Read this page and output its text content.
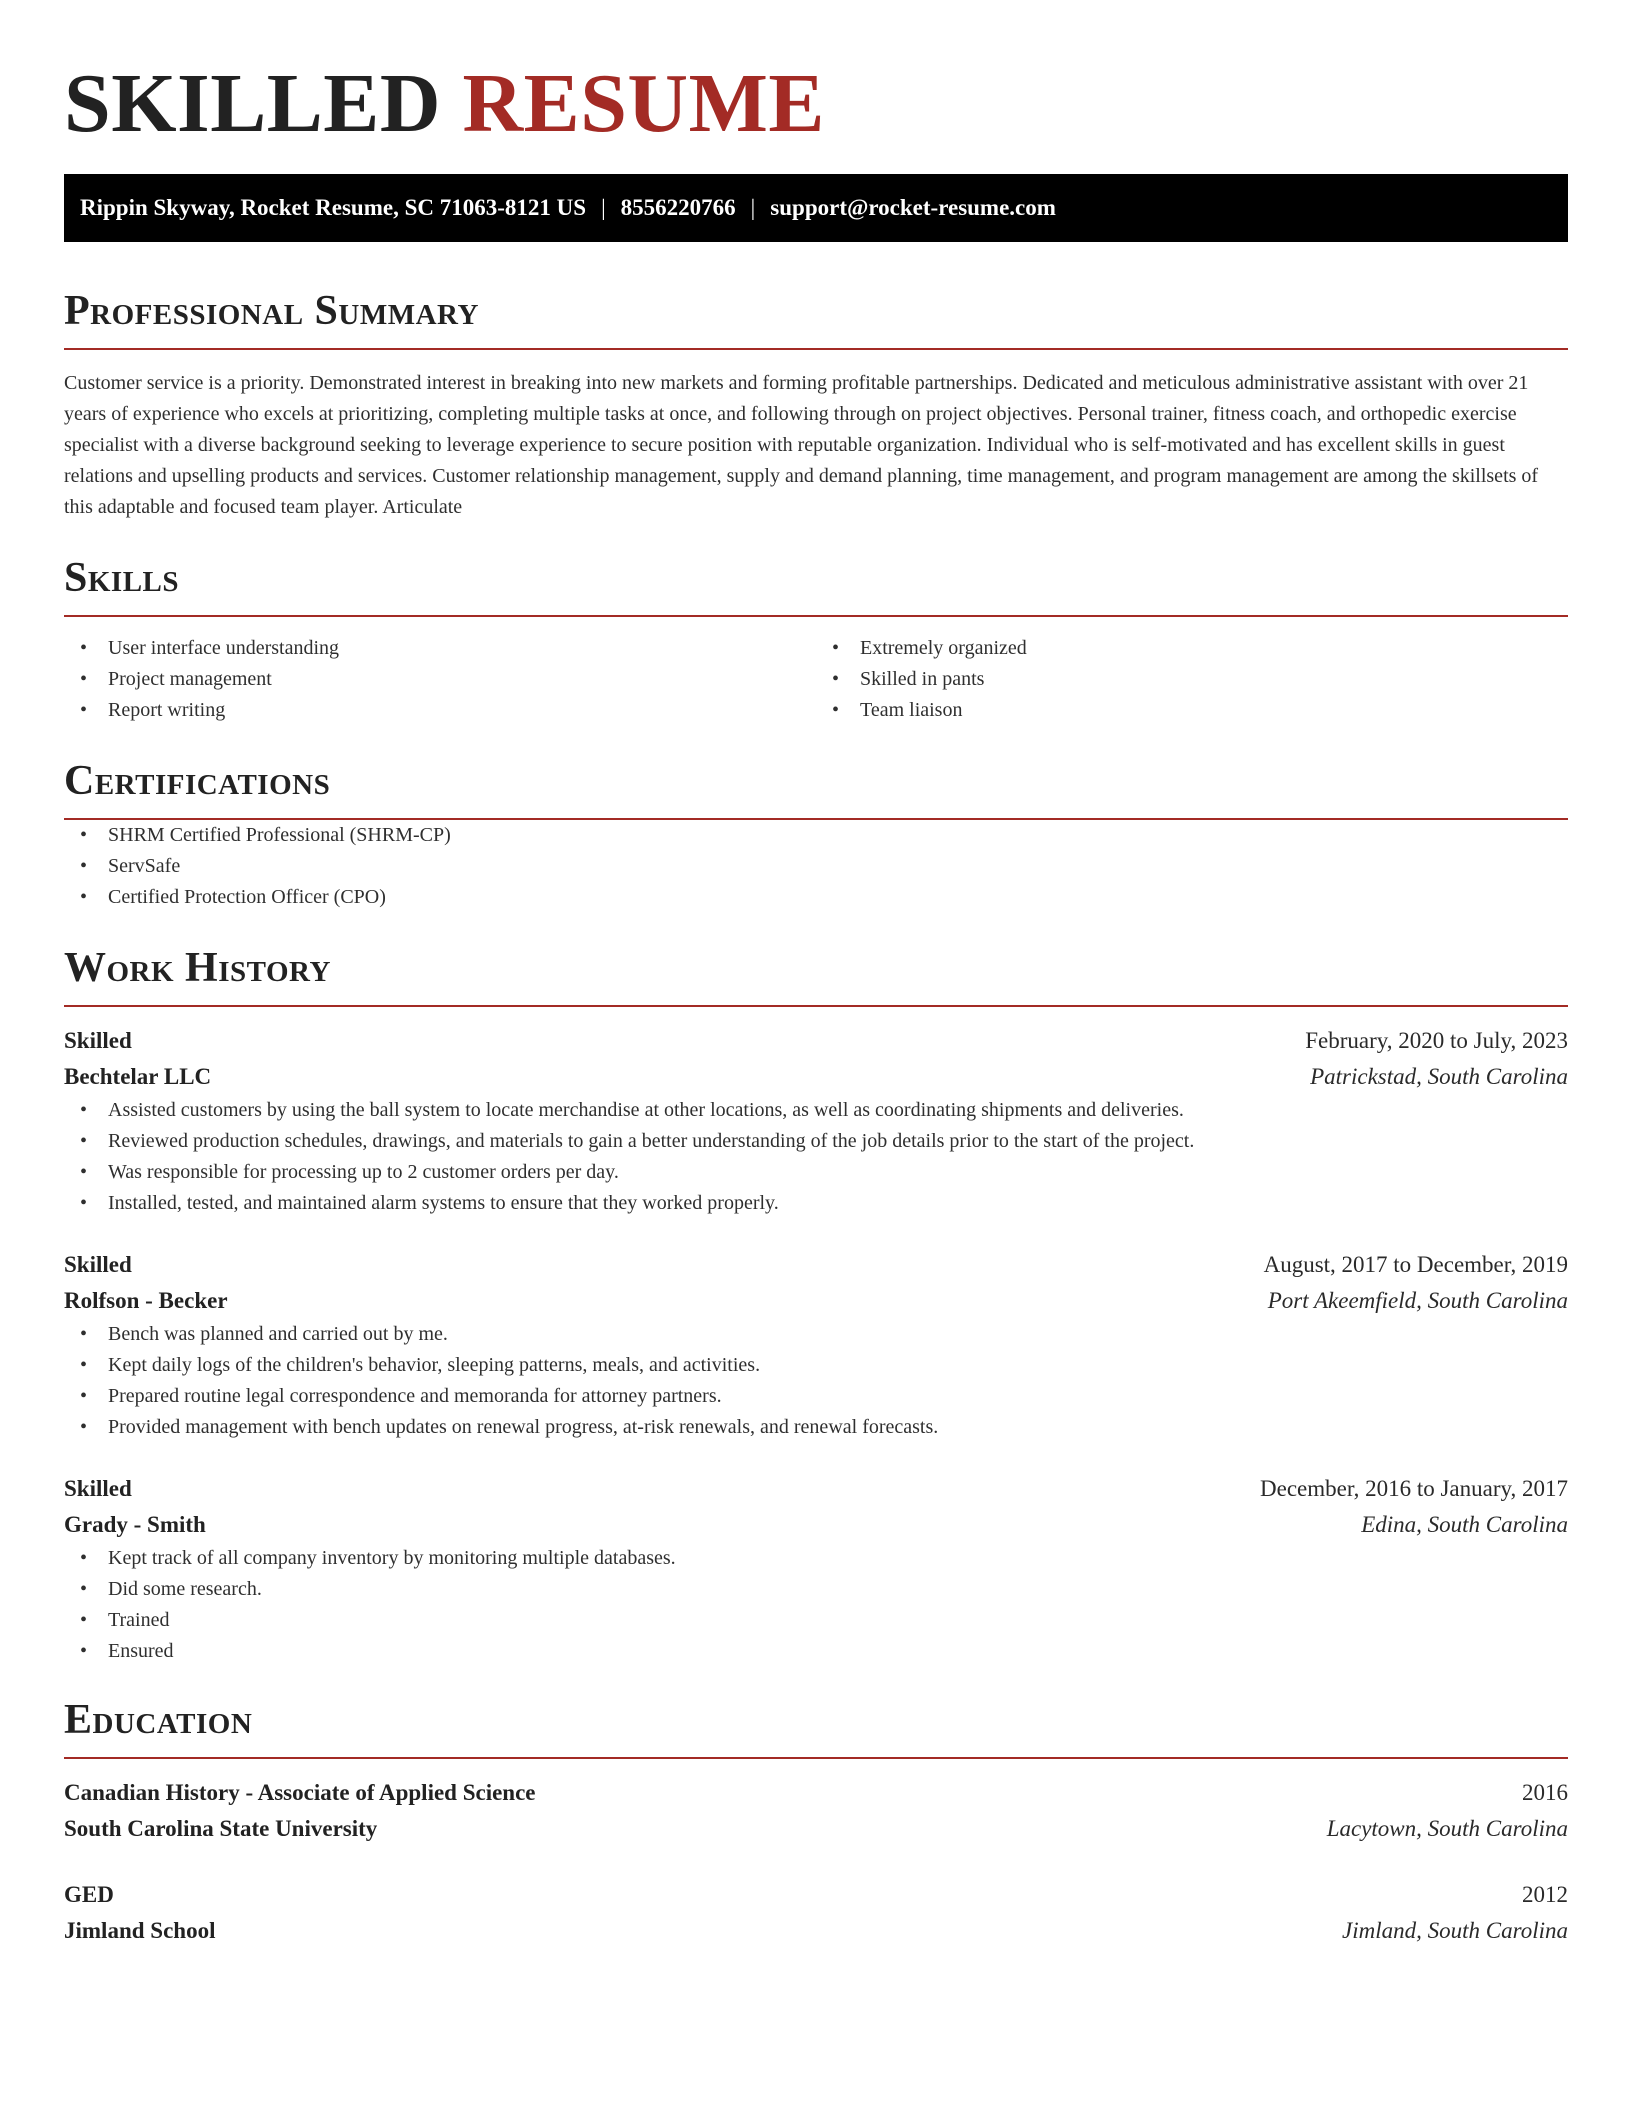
SKILLED RESUME
Rippin Skyway, Rocket Resume, SC 71063-8121 US | 8556220766 | support@rocket-resume.com
Professional Summary

Customer service is a priority. Demonstrated interest in breaking into new markets and forming profitable partnerships. Dedicated and meticulous administrative assistant with over 21 years of experience who excels at prioritizing, completing multiple tasks at once, and following through on project objectives. Personal trainer, fitness coach, and orthopedic exercise specialist with a diverse background seeking to leverage experience to secure position with reputable organization. Individual who is self-motivated and has excellent skills in guest relations and upselling products and services. Customer relationship management, supply and demand planning, time management, and program management are among the skillsets of this adaptable and focused team player. Articulate

Skills
• User interface understanding
• Project management
• Report writing
• Extremely organized
• Skilled in pants
• Team liaison
Certifications
• SHRM Certified Professional (SHRM-CP)
• ServSafe
• Certified Protection Officer (CPO)
Work History
Skilled	February, 2020 to July, 2023
Bechtelar LLC	Patrickstad, South Carolina
• Assisted customers by using the ball system to locate merchandise at other locations, as well as coordinating shipments and deliveries.
• Reviewed production schedules, drawings, and materials to gain a better understanding of the job details prior to the start of the project.
• Was responsible for processing up to 2 customer orders per day.
• Installed, tested, and maintained alarm systems to ensure that they worked properly.
Skilled	August, 2017 to December, 2019
Rolfson - Becker	Port Akeemfield, South Carolina
• Bench was planned and carried out by me.
• Kept daily logs of the children's behavior, sleeping patterns, meals, and activities.
• Prepared routine legal correspondence and memoranda for attorney partners.
• Provided management with bench updates on renewal progress, at-risk renewals, and renewal forecasts.
Skilled	December, 2016 to January, 2017
Grady - Smith	Edina, South Carolina
• Kept track of all company inventory by monitoring multiple databases.
• Did some research.
• Trained
• Ensured
Education
Canadian History - Associate of Applied Science	2016
South Carolina State University	Lacytown, South Carolina
GED	2012
Jimland School	Jimland, South Carolina
